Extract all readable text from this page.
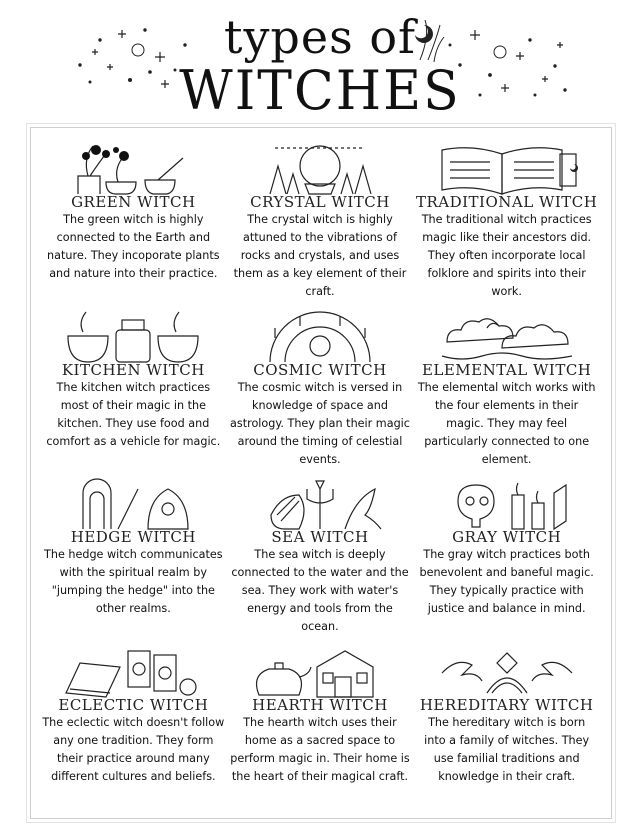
types of
WITCHES
GREEN WITCH
The green witch is highly connected to the Earth and nature. They incoporate plants and nature into their practice.
CRYSTAL WITCH
The crystal witch is highly attuned to the vibrations of rocks and crystals, and uses them as a key element of their craft.
TRADITIONAL WITCH
The traditional witch practices magic like their ancestors did. They often incorporate local folklore and spirits into their work.
KITCHEN WITCH
The kitchen witch practices most of their magic in the kitchen. They use food and comfort as a vehicle for magic.
COSMIC WITCH
The cosmic witch is versed in knowledge of space and astrology. They plan their magic around the timing of celestial events.
ELEMENTAL WITCH
The elemental witch works with the four elements in their magic. They may feel particularly connected to one element.
HEDGE WITCH
The hedge witch communicates with the spiritual realm by "jumping the hedge" into the other realms.
SEA WITCH
The sea witch is deeply connected to the water and the sea. They work with water's energy and tools from the ocean.
GRAY WITCH
The gray witch practices both benevolent and baneful magic. They typically practice with justice and balance in mind.
ECLECTIC WITCH
The eclectic witch doesn't follow any one tradition. They form their practice around many different cultures and beliefs.
HEARTH WITCH
The hearth witch uses their home as a sacred space to perform magic in. Their home is the heart of their magical craft.
HEREDITARY WITCH
The hereditary witch is born into a family of witches. They use familial traditions and knowledge in their craft.
